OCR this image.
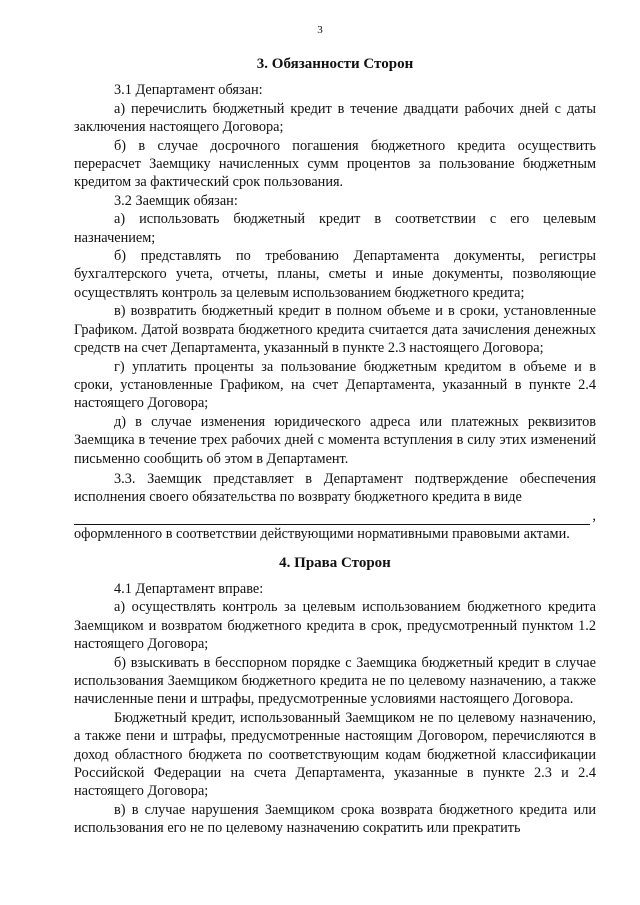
3

3. Обязанности Сторон

3.1 Департамент обязан:

а) перечислить бюджетный кредит в течение двадцати рабочих дней с даты заключения настоящего Договора;

б) в случае досрочного погашения бюджетного кредита осуществить перерасчет Заемщику начисленных сумм процентов за пользование бюджетным кредитом за фактический срок пользования.

3.2 Заемщик обязан:

а) использовать бюджетный кредит в соответствии с его целевым назначением;

б) представлять по требованию Департамента документы, регистры бухгалтерского учета, отчеты, планы, сметы и иные документы, позволяющие осуществлять контроль за целевым использованием бюджетного кредита;

в) возвратить бюджетный кредит в полном объеме и в сроки, установленные Графиком. Датой возврата бюджетного кредита считается дата зачисления денежных средств на счет Департамента, указанный в пункте 2.3 настоящего Договора;

г) уплатить проценты за пользование бюджетным кредитом в объеме и в сроки, установленные Графиком, на счет Департамента, указанный в пункте 2.4 настоящего Договора;

д) в случае изменения юридического адреса или платежных реквизитов Заемщика в течение трех рабочих дней с момента вступления в силу этих изменений письменно сообщить об этом в Департамент.

3.3. Заемщик представляет в Департамент подтверждение обеспечения исполнения своего обязательства по возврату бюджетного кредита в виде

,

оформленного в соответствии действующими нормативными правовыми актами.

4. Права Сторон

4.1 Департамент вправе:

а) осуществлять контроль за целевым использованием бюджетного кредита Заемщиком и возвратом бюджетного кредита в срок, предусмотренный пунктом 1.2 настоящего Договора;

б) взыскивать в бесспорном порядке с Заемщика бюджетный кредит в случае использования Заемщиком бюджетного кредита не по целевому назначению, а также начисленные пени и штрафы, предусмотренные условиями настоящего Договора.

Бюджетный кредит, использованный Заемщиком не по целевому назначению, а также пени и штрафы, предусмотренные настоящим Договором, перечисляются в доход областного бюджета по соответствующим кодам бюджетной классификации Российской Федерации на счета Департамента, указанные в пункте 2.3 и 2.4 настоящего Договора;

в) в случае нарушения Заемщиком срока возврата бюджетного кредита или использования его не по целевому назначению сократить или прекратить
